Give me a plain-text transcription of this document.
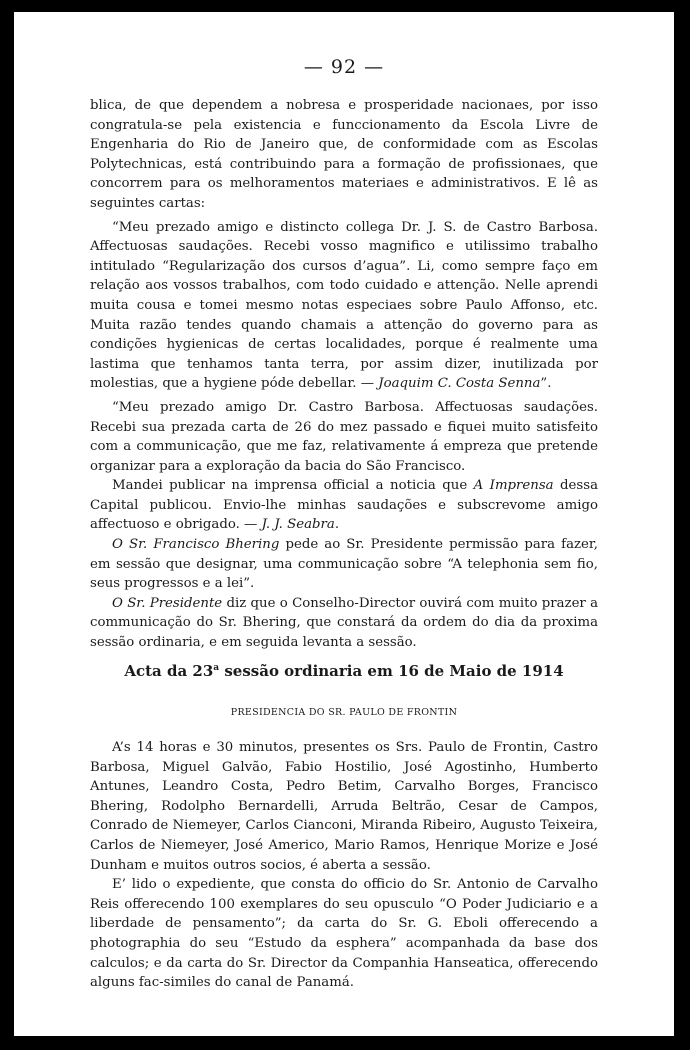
— 92 —

blica, de que dependem a nobresa e prosperidade nacionaes, por isso congratula-se pela existencia e funccionamento da Escola Livre de Engenharia do Rio de Janeiro que, de conformidade com as Escolas Polytechnicas, está contribuindo para a formação de profissionaes, que concorrem para os melhoramentos materiaes e administrativos. E lê as seguintes cartas:

“Meu prezado amigo e distincto collega Dr. J. S. de Castro Barbosa. Affectuosas saudações. Recebi vosso magnifico e utilissimo trabalho intitulado “Regularização dos cursos d’agua”. Li, como sempre faço em relação aos vossos trabalhos, com todo cuidado e attenção. Nelle aprendi muita cousa e tomei mesmo notas especiaes sobre Paulo Affonso, etc. Muita razão tendes quando chamais a attenção do governo para as condições hygienicas de certas localidades, porque é realmente uma lastima que tenhamos tanta terra, por assim dizer, inutilizada por molestias, que a hygiene póde debellar. — Joaquim C. Costa Senna”.

“Meu prezado amigo Dr. Castro Barbosa. Affectuosas saudações. Recebi sua prezada carta de 26 do mez passado e fiquei muito satisfeito com a communicação, que me faz, relativamente á empreza que pretende organizar para a exploração da bacia do São Francisco.

Mandei publicar na imprensa official a noticia que A Imprensa dessa Capital publicou. Envio-lhe minhas saudações e subscrevome amigo affectuoso e obrigado. — J. J. Seabra.

O Sr. Francisco Bhering pede ao Sr. Presidente permissão para fazer, em sessão que designar, uma communicação sobre “A telephonia sem fio, seus progressos e a lei”.

O Sr. Presidente diz que o Conselho-Director ouvirá com muito prazer a communicação do Sr. Bhering, que constará da ordem do dia da proxima sessão ordinaria, e em seguida levanta a sessão.

Acta da 23$^a$ sessão ordinaria em 16 de Maio de 1914
PRESIDENCIA DO SR. PAULO DE FRONTIN

A’s 14 horas e 30 minutos, presentes os Srs. Paulo de Frontin, Castro Barbosa, Miguel Galvão, Fabio Hostilio, José Agostinho, Humberto Antunes, Leandro Costa, Pedro Betim, Carvalho Borges, Francisco Bhering, Rodolpho Bernardelli, Arruda Beltrão, Cesar de Campos, Conrado de Niemeyer, Carlos Cianconi, Miranda Ribeiro, Augusto Teixeira, Carlos de Niemeyer, José Americo, Mario Ramos, Henrique Morize e José Dunham e muitos outros socios, é aberta a sessão.

E’ lido o expediente, que consta do officio do Sr. Antonio de Carvalho Reis offerecendo 100 exemplares do seu opusculo “O Poder Judiciario e a liberdade de pensamento”; da carta do Sr. G. Eboli offerecendo a photographia do seu “Estudo da esphera” acompanhada da base dos calculos; e da carta do Sr. Director da Companhia Hanseatica, offerecendo alguns fac-similes do canal de Panamá.
